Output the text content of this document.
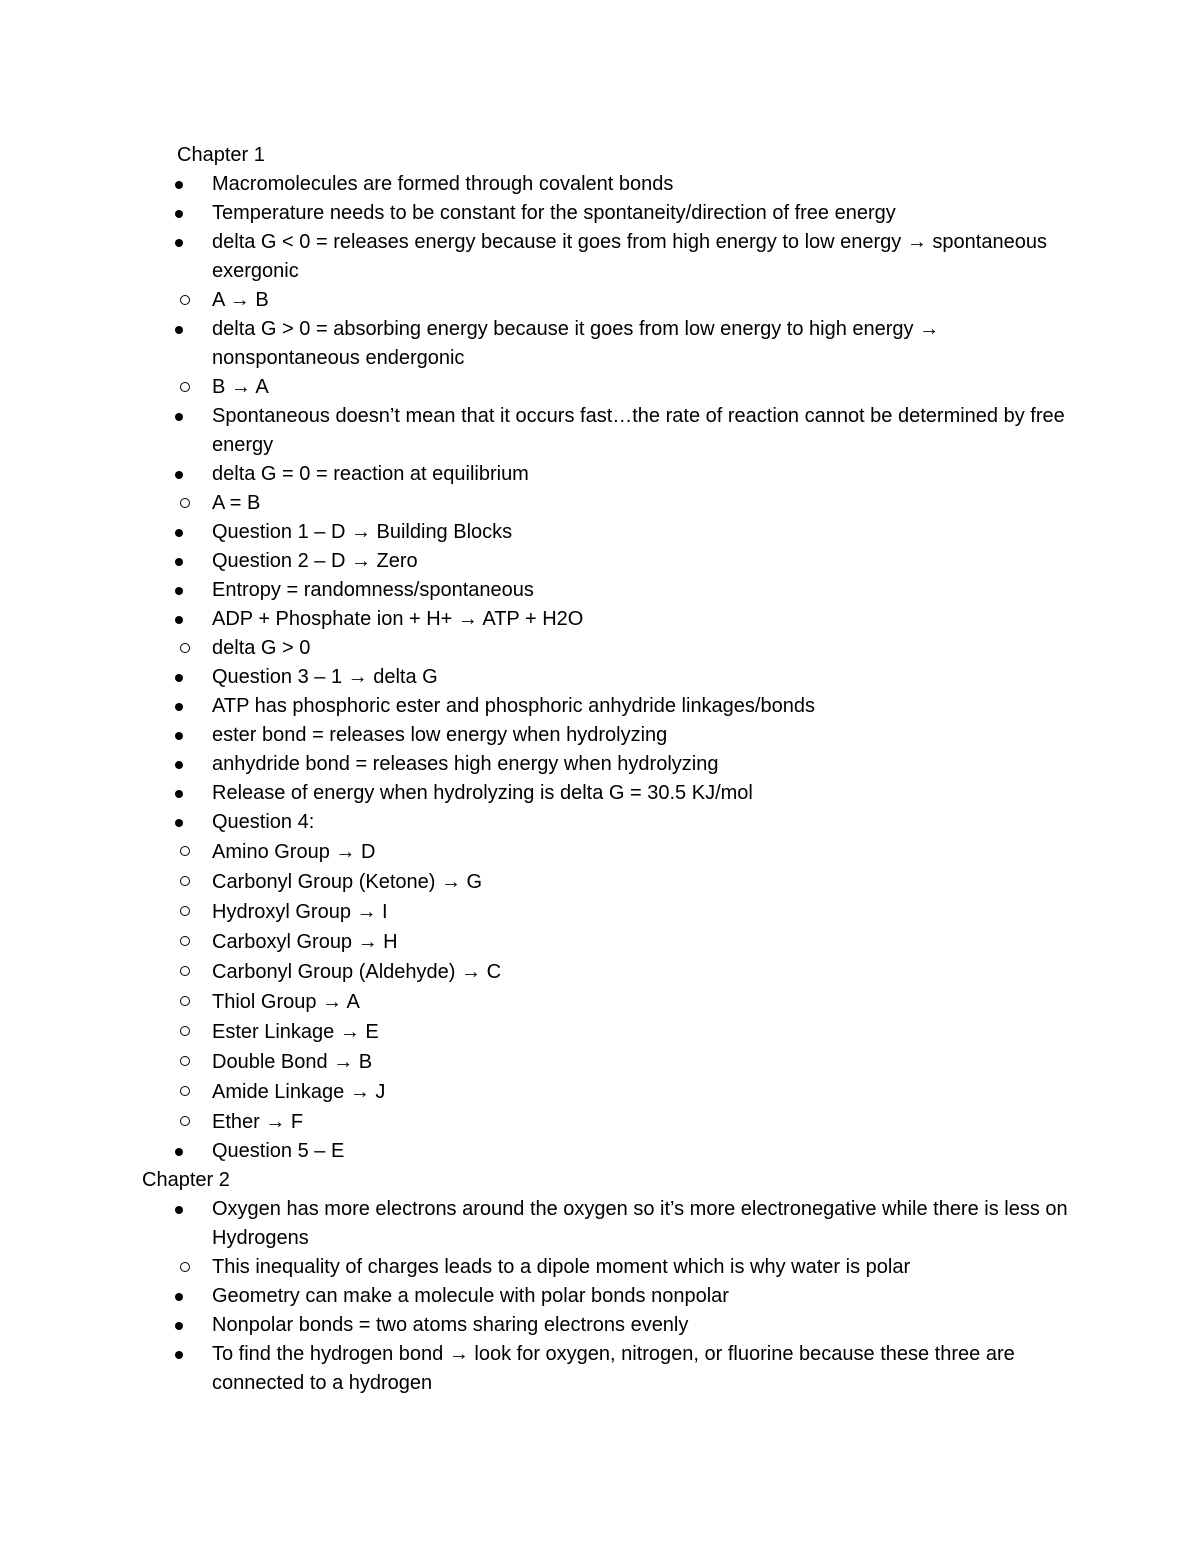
Chapter 1
Macromolecules are formed through covalent bonds
Temperature needs to be constant for the spontaneity/direction of free energy
delta G < 0 = releases energy because it goes from high energy to low energy → spontaneous exergonic
A → B
delta G > 0 = absorbing energy because it goes from low energy to high energy → nonspontaneous endergonic
B → A
Spontaneous doesn’t mean that it occurs fast…the rate of reaction cannot be determined by free energy
delta G = 0 = reaction at equilibrium
A = B
Question 1 – D → Building Blocks
Question 2 – D → Zero
Entropy = randomness/spontaneous
ADP + Phosphate ion + H+ → ATP + H2O
delta G > 0
Question 3 – 1 → delta G
ATP has phosphoric ester and phosphoric anhydride linkages/bonds
ester bond = releases low energy when hydrolyzing
anhydride bond = releases high energy when hydrolyzing
Release of energy when hydrolyzing is delta G = 30.5 KJ/mol
Question 4:
Amino Group → D
Carbonyl Group (Ketone) → G
Hydroxyl Group → I
Carboxyl Group → H
Carbonyl Group (Aldehyde) → C
Thiol Group → A
Ester Linkage → E
Double Bond → B
Amide Linkage → J
Ether → F
Question 5 – E
Chapter 2
Oxygen has more electrons around the oxygen so it’s more electronegative while there is less on Hydrogens
This inequality of charges leads to a dipole moment which is why water is polar
Geometry can make a molecule with polar bonds nonpolar
Nonpolar bonds = two atoms sharing electrons evenly
To find the hydrogen bond → look for oxygen, nitrogen, or fluorine because these three are connected to a hydrogen
